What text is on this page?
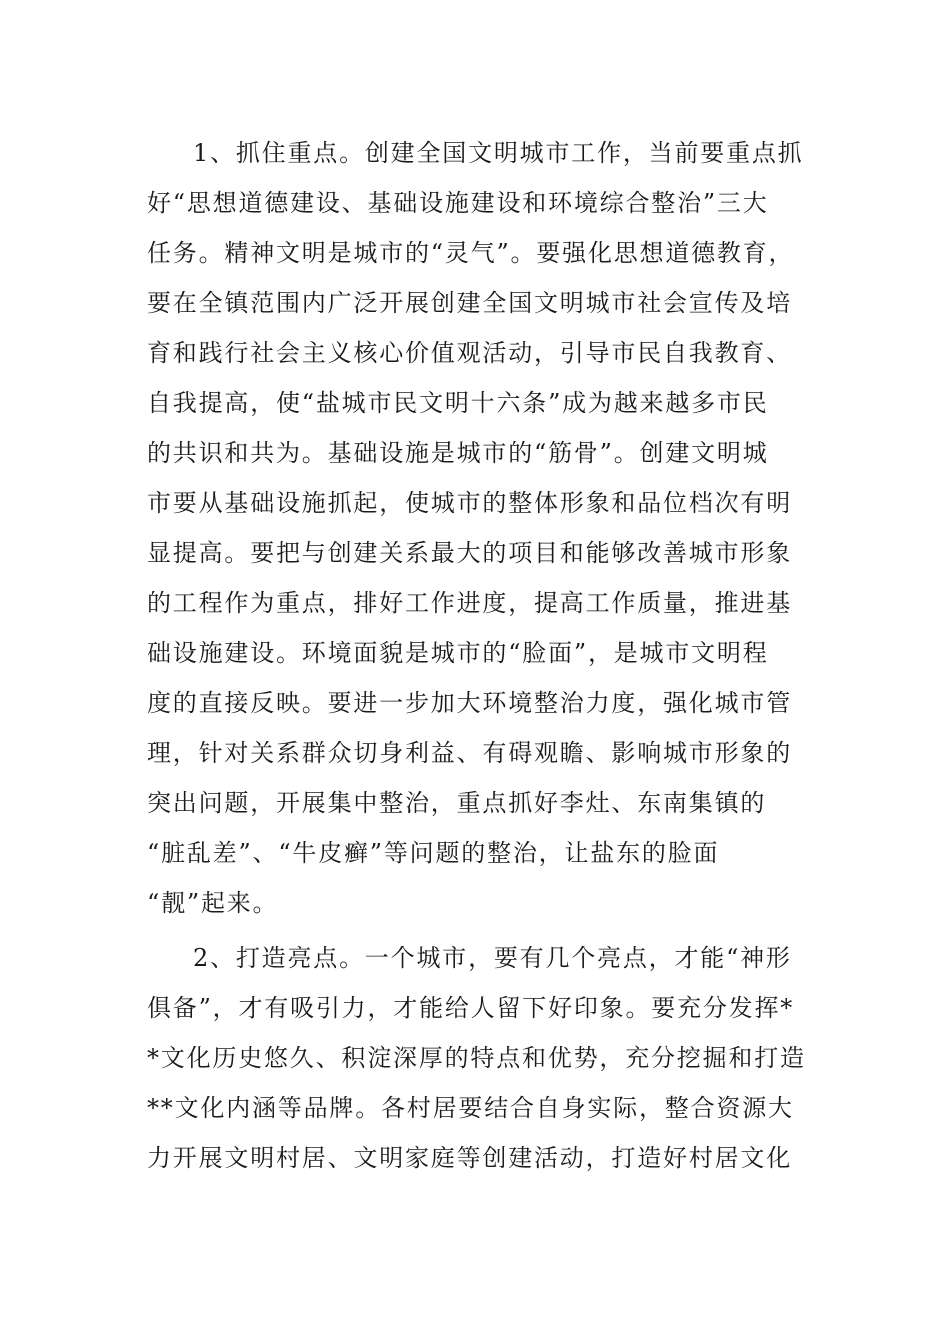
1、抓住重点。创建全国文明城市工作，当前要重点抓
好“思想道德建设、基础设施建设和环境综合整治”三大
任务。精神文明是城市的“灵气”。要强化思想道德教育，
要在全镇范围内广泛开展创建全国文明城市社会宣传及培
育和践行社会主义核心价值观活动，引导市民自我教育、
自我提高，使“盐城市民文明十六条”成为越来越多市民
的共识和共为。基础设施是城市的“筋骨”。创建文明城
市要从基础设施抓起，使城市的整体形象和品位档次有明
显提高。要把与创建关系最大的项目和能够改善城市形象
的工程作为重点，排好工作进度，提高工作质量，推进基
础设施建设。环境面貌是城市的“脸面”，是城市文明程
度的直接反映。要进一步加大环境整治力度，强化城市管
理，针对关系群众切身利益、有碍观瞻、影响城市形象的
突出问题，开展集中整治，重点抓好李灶、东南集镇的
“脏乱差”、“牛皮癣”等问题的整治，让盐东的脸面
“靓”起来。
2、打造亮点。一个城市，要有几个亮点，才能“神形
俱备”，才有吸引力，才能给人留下好印象。要充分发挥*
*文化历史悠久、积淀深厚的特点和优势，充分挖掘和打造
**文化内涵等品牌。各村居要结合自身实际，整合资源大
力开展文明村居、文明家庭等创建活动，打造好村居文化
